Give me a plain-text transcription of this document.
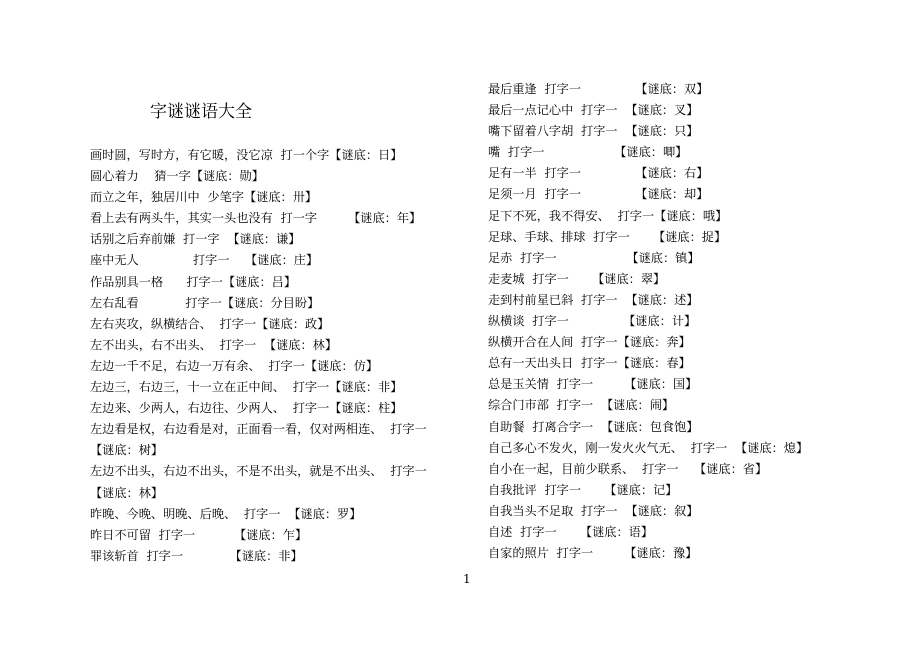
字谜谜语大全
画时圆，写时方，有它暖，没它凉  打一个字【谜底：日】
圆心着力    猜一字【谜底：勋】
而立之年，独居川中  少笔字【谜底：卅】
看上去有两头牛，其实一头也没有  打一字        【谜底：年】
话别之后弃前嫌  打一字  【谜底：谦】
座中无人              打字一    【谜底：庄】
作品别具一格      打字一【谜底：吕】
左右乱看            打字一【谜底：分目盼】
左右夹攻，纵横结合、  打字一【谜底：政】
左不出头，右不出头、  打字一  【谜底：林】
左边一千不足，右边一万有余、  打字一【谜底：仿】
左边三，右边三，十一立在正中间、  打字一【谜底：非】
左边来、少两人，右边往、少两人、  打字一【谜底：柱】
左边看是权，右边看是对，正面看一看，仅对两相连、  打字一
【谜底：树】
左边不出头，右边不出头，不是不出头，就是不出头、  打字一
【谜底：林】
昨晚、今晚、明晚、后晚、  打字一  【谜底：罗】
昨日不可留  打字一          【谜底：乍】
罪该斩首  打字一            【谜底：非】
最后重逢  打字一              【谜底：双】
最后一点记心中  打字一  【谜底：叉】
嘴下留着八字胡  打字一  【谜底：只】
嘴  打字一                  【谜底：唧】
足有一半  打字一              【谜底：右】
足须一月  打字一              【谜底：却】
足下不死，我不得安、  打字一【谜底：哦】
足球、手球、排球  打字一      【谜底：捉】
足赤  打字一                  【谜底：镇】
走麦城  打字一      【谜底：翠】
走到村前星已斜  打字一  【谜底：述】
纵横谈  打字一              【谜底：计】
纵横开合在人间  打字一【谜底：奔】
总有一天出头日  打字一【谜底：春】
总是玉关情  打字一        【谜底：国】
综合门市部  打字一  【谜底：闹】
自助餐  打离合字一  【谜底：包食饱】
自己多心不发火，刚一发火火气无、  打字一  【谜底：熄】
自小在一起，目前少联系、  打字一    【谜底：省】
自我批评  打字一      【谜底：记】
自我当头不足取  打字一  【谜底：叙】
自述  打字一      【谜底：语】
自家的照片  打字一        【谜底：豫】
1
